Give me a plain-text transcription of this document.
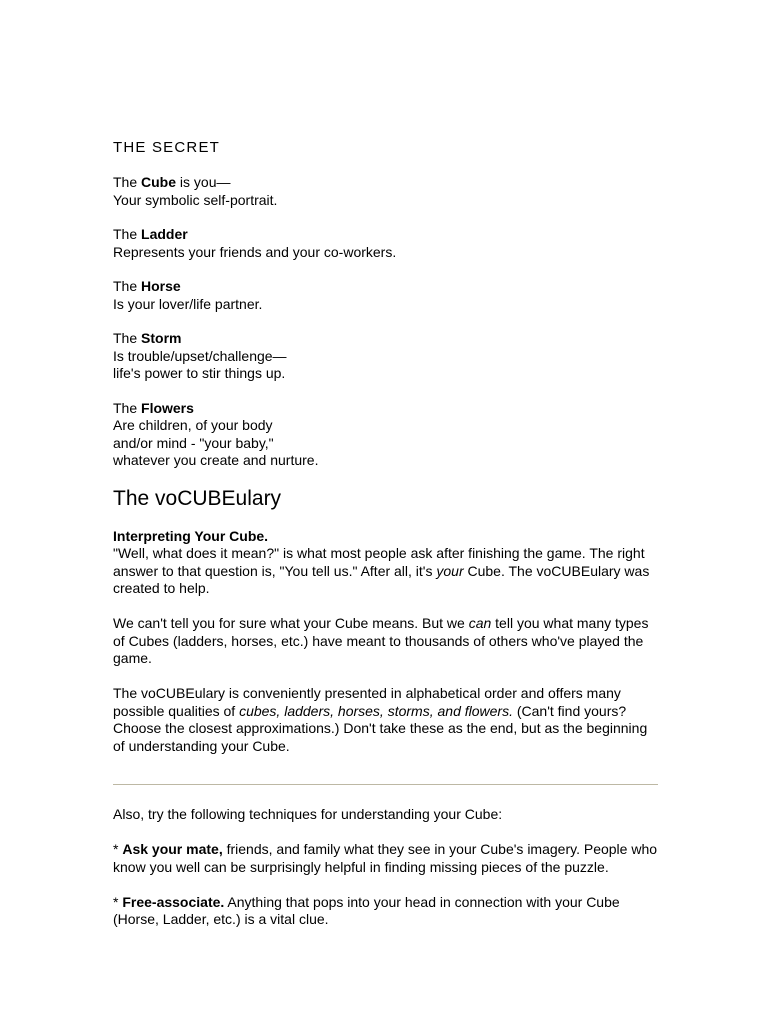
THE SECRET

The Cube is you—

Your symbolic self-portrait.

The Ladder

Represents your friends and your co-workers.

The Horse

Is your lover/life partner.

The Storm

Is trouble/upset/challenge—

life's power to stir things up.

The Flowers

Are children, of your body

and/or mind - "your baby,"

whatever you create and nurture.

The voCUBEulary

Interpreting Your Cube.

"Well, what does it mean?" is what most people ask after finishing the game. The right answer to that question is, "You tell us." After all, it's your Cube. The voCUBEulary was created to help.

We can't tell you for sure what your Cube means. But we can tell you what many types of Cubes (ladders, horses, etc.) have meant to thousands of others who've played the game.

The voCUBEulary is conveniently presented in alphabetical order and offers many possible qualities of cubes, ladders, horses, storms, and flowers. (Can't find yours? Choose the closest approximations.) Don't take these as the end, but as the beginning of understanding your Cube.

Also, try the following techniques for understanding your Cube:

* Ask your mate, friends, and family what they see in your Cube's imagery. People who know you well can be surprisingly helpful in finding missing pieces of the puzzle.

* Free-associate. Anything that pops into your head in connection with your Cube (Horse, Ladder, etc.) is a vital clue.
